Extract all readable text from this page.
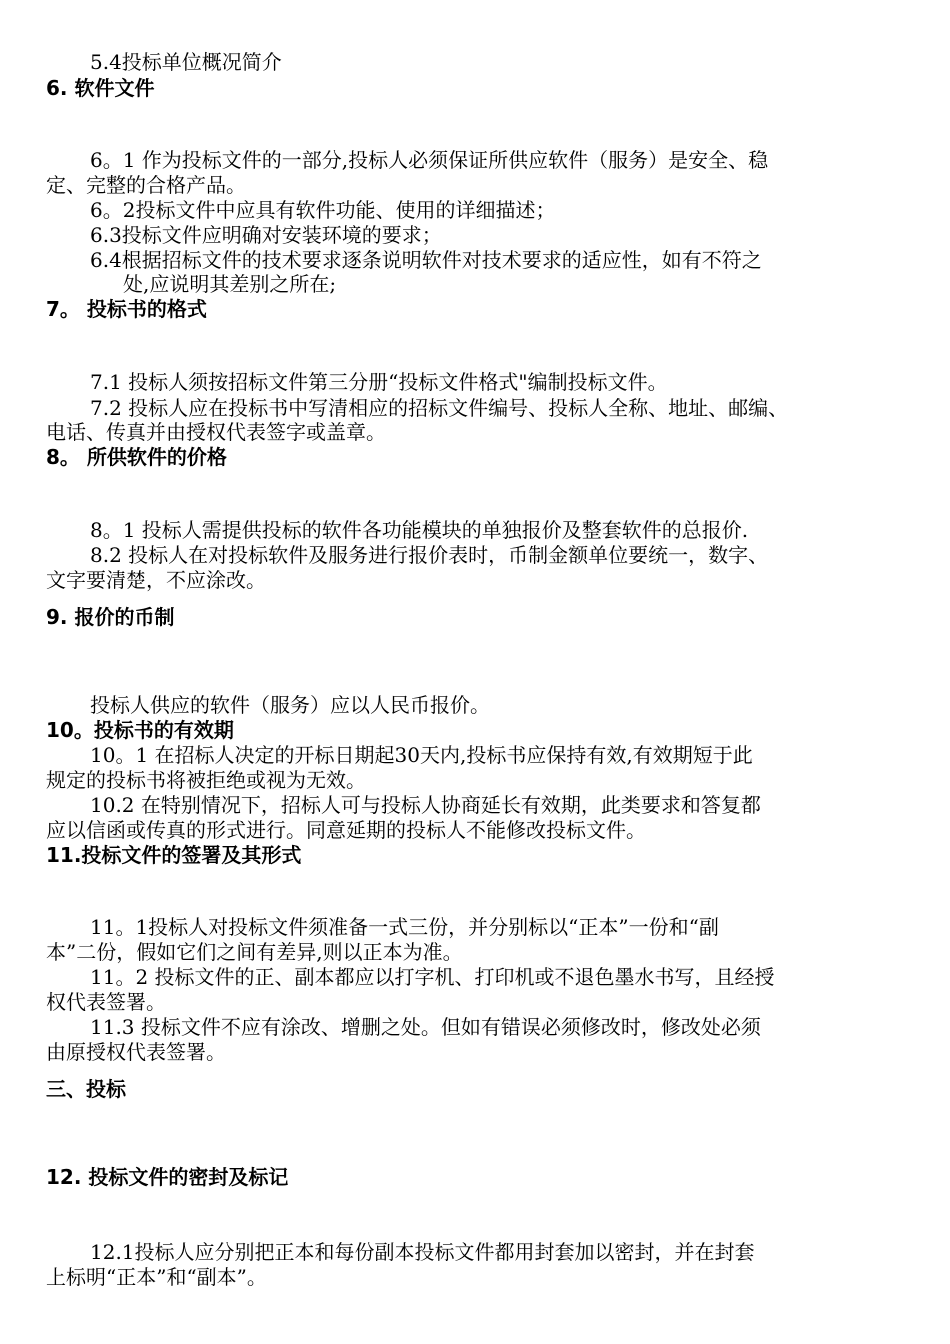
5.4投标单位概况简介
6. 软件文件
6。1 作为投标文件的一部分,投标人必须保证所供应软件（服务）是安全、稳
定、完整的合格产品。
6。2投标文件中应具有软件功能、使用的详细描述；
6.3投标文件应明确对安装环境的要求；
6.4根据招标文件的技术要求逐条说明软件对技术要求的适应性，如有不符之
处,应说明其差别之所在;
7。 投标书的格式
7.1 投标人须按招标文件第三分册“投标文件格式"编制投标文件。
7.2 投标人应在投标书中写清相应的招标文件编号、投标人全称、地址、邮编、
电话、传真并由授权代表签字或盖章。
8。 所供软件的价格
8。1 投标人需提供投标的软件各功能模块的单独报价及整套软件的总报价.
8.2 投标人在对投标软件及服务进行报价表时，币制金额单位要统一，数字、
文字要清楚，不应涂改。
9. 报价的币制
投标人供应的软件（服务）应以人民币报价。
10。投标书的有效期
10。1 在招标人决定的开标日期起30天内,投标书应保持有效,有效期短于此
规定的投标书将被拒绝或视为无效。
10.2 在特别情况下，招标人可与投标人协商延长有效期，此类要求和答复都
应以信函或传真的形式进行。同意延期的投标人不能修改投标文件。
11.投标文件的签署及其形式
11。1投标人对投标文件须准备一式三份，并分别标以“正本”一份和“副
本”二份，假如它们之间有差异,则以正本为准。
11。2 投标文件的正、副本都应以打字机、打印机或不退色墨水书写，且经授
权代表签署。
11.3 投标文件不应有涂改、增删之处。但如有错误必须修改时，修改处必须
由原授权代表签署。
三、投标
12. 投标文件的密封及标记
12.1投标人应分别把正本和每份副本投标文件都用封套加以密封，并在封套
上标明“正本”和“副本”。
